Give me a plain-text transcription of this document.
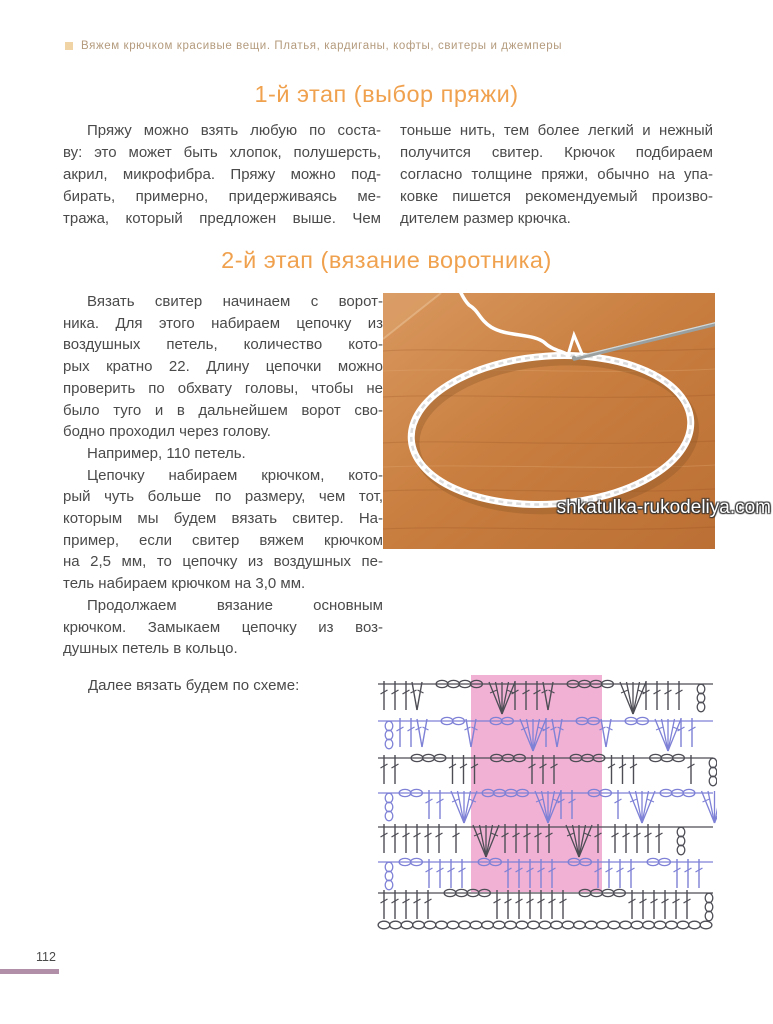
Вяжем крючком красивые вещи. Платья, кардиганы, кофты, свитеры и джемперы
1-й этап (выбор пряжи)
Пряжу можно взять любую по соста-
ву: это может быть хлопок, полушерсть,
акрил, микрофибра. Пряжу можно под-
бирать, примерно, придерживаясь ме-
тража, который предложен выше. Чем
тоньше нить, тем более легкий и нежный
получится свитер. Крючок подбираем
согласно толщине пряжи, обычно на упа-
ковке пишется рекомендуемый произво-
дителем размер крючка.
2-й этап (вязание воротника)
Вязать свитер начинаем с ворот-
ника. Для этого набираем цепочку из
воздушных петель, количество кото-
рых кратно 22. Длину цепочки можно
проверить по обхвату головы, чтобы не
было туго и в дальнейшем ворот сво-
бодно проходил через голову.
Например, 110 петель.
Цепочку набираем крючком, кото-
рый чуть больше по размеру, чем тот,
которым мы будем вязать свитер. На-
пример, если свитер вяжем крючком
на 2,5 мм, то цепочку из воздушных пе-
тель набираем крючком на 3,0 мм.
Продолжаем вязание основным
крючком. Замыкаем цепочку из воз-
душных петель в кольцо.
shkatulka-rukodeliya.com
Далее вязать будем по схеме:
112
